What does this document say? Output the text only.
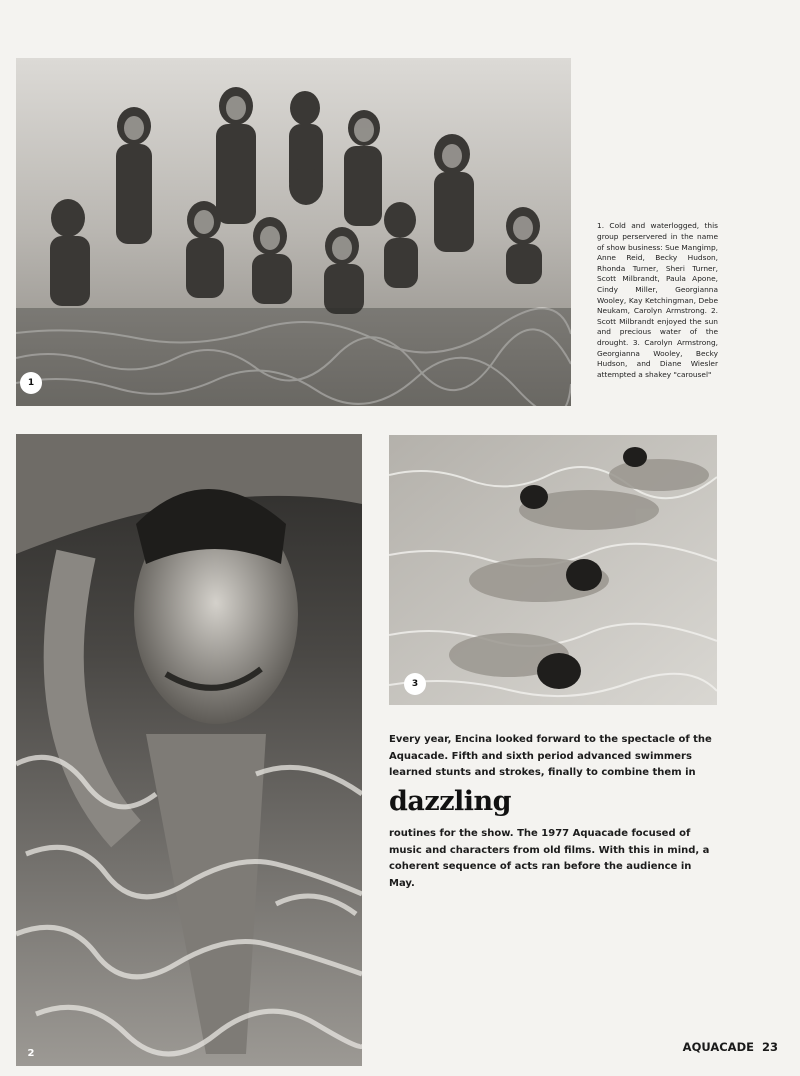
1

1. Cold and waterlogged, this group perservered in the name of show business: Sue Mangimp, Anne Reid, Becky Hudson, Rhonda Turner, Sheri Turner, Scott Milbrandt, Paula Apone, Cindy Miller, Georgianna Wooley, Kay Ketchingman, Debe Neukam, Carolyn Armstrong. 2. Scott Milbrandt enjoyed the sun and precious water of the drought. 3. Carolyn Armstrong, Georgianna Wooley, Becky Hudson, and Diane Wiesler attempted a shakey "carousel"

2
3

Every year, Encina looked forward to the spectacle of the Aquacade. Fifth and sixth period advanced swimmers learned stunts and strokes, finally to combine them in

dazzling

routines for the show. The 1977 Aquacade focused of music and characters from old films. With this in mind, a coherent sequence of acts ran before the audience in May.

AQUACADE 23
